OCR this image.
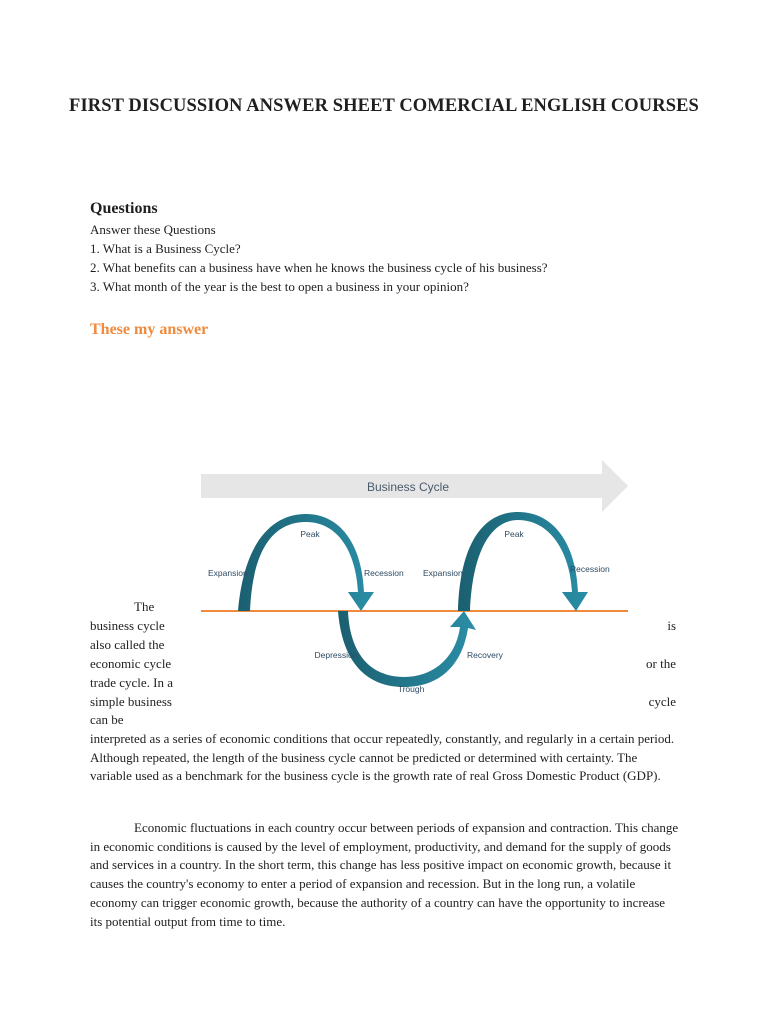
FIRST DISCUSSION ANSWER SHEET COMERCIAL ENGLISH COURSES
Questions
Answer these Questions
1. What is a Business Cycle?
2. What benefits can a business have when he knows the business cycle of his business?
3. What month of the year is the best to open a business in your opinion?
These my answer
Business Cycle
Expansion
Peak
Recession
Depression
Trough
Recovery
Expansion
Peak
Recession
The
business cycle
also called the
economic cycle
trade cycle. In a
simple business
can be
is
or the
cycle

interpreted as a series of economic conditions that occur repeatedly, constantly, and regularly in a certain period. Although repeated, the length of the business cycle cannot be predicted or determined with certainty. The variable used as a benchmark for the business cycle is the growth rate of real Gross Domestic Product (GDP).

Economic fluctuations in each country occur between periods of expansion and contraction. This change in economic conditions is caused by the level of employment, productivity, and demand for the supply of goods and services in a country. In the short term, this change has less positive impact on economic growth, because it causes the country's economy to enter a period of expansion and recession. But in the long run, a volatile economy can trigger economic growth, because the authority of a country can have the opportunity to increase its potential output from time to time.
